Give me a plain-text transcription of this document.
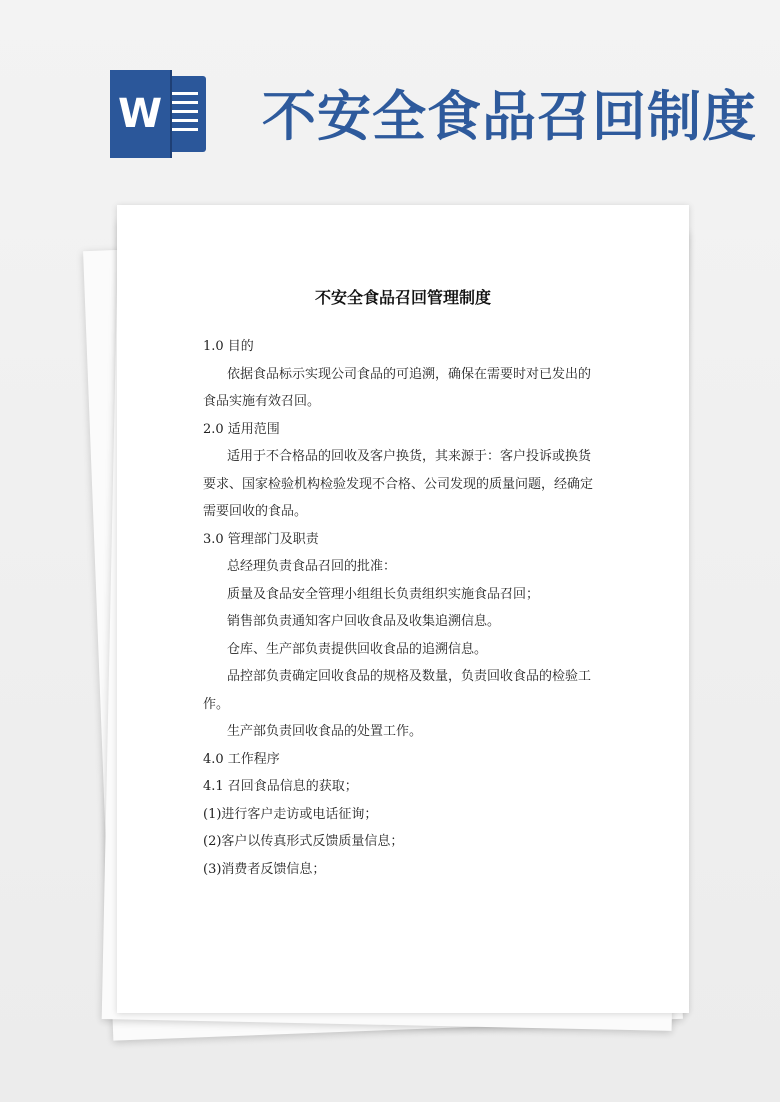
W 不安全食品召回制度
不安全食品召回管理制度
1.0 目的
依据食品标示实现公司食品的可追溯，确保在需要时对已发出的
食品实施有效召回。
2.0 适用范围
适用于不合格品的回收及客户换货，其来源于：客户投诉或换货
要求、国家检验机构检验发现不合格、公司发现的质量问题，经确定
需要回收的食品。
3.0 管理部门及职责
总经理负责食品召回的批准：
质量及食品安全管理小组组长负责组织实施食品召回；
销售部负责通知客户回收食品及收集追溯信息。
仓库、生产部负责提供回收食品的追溯信息。
品控部负责确定回收食品的规格及数量，负责回收食品的检验工
作。
生产部负责回收食品的处置工作。
4.0 工作程序
4.1 召回食品信息的获取；
(1)进行客户走访或电话征询；
(2)客户以传真形式反馈质量信息；
(3)消费者反馈信息；
